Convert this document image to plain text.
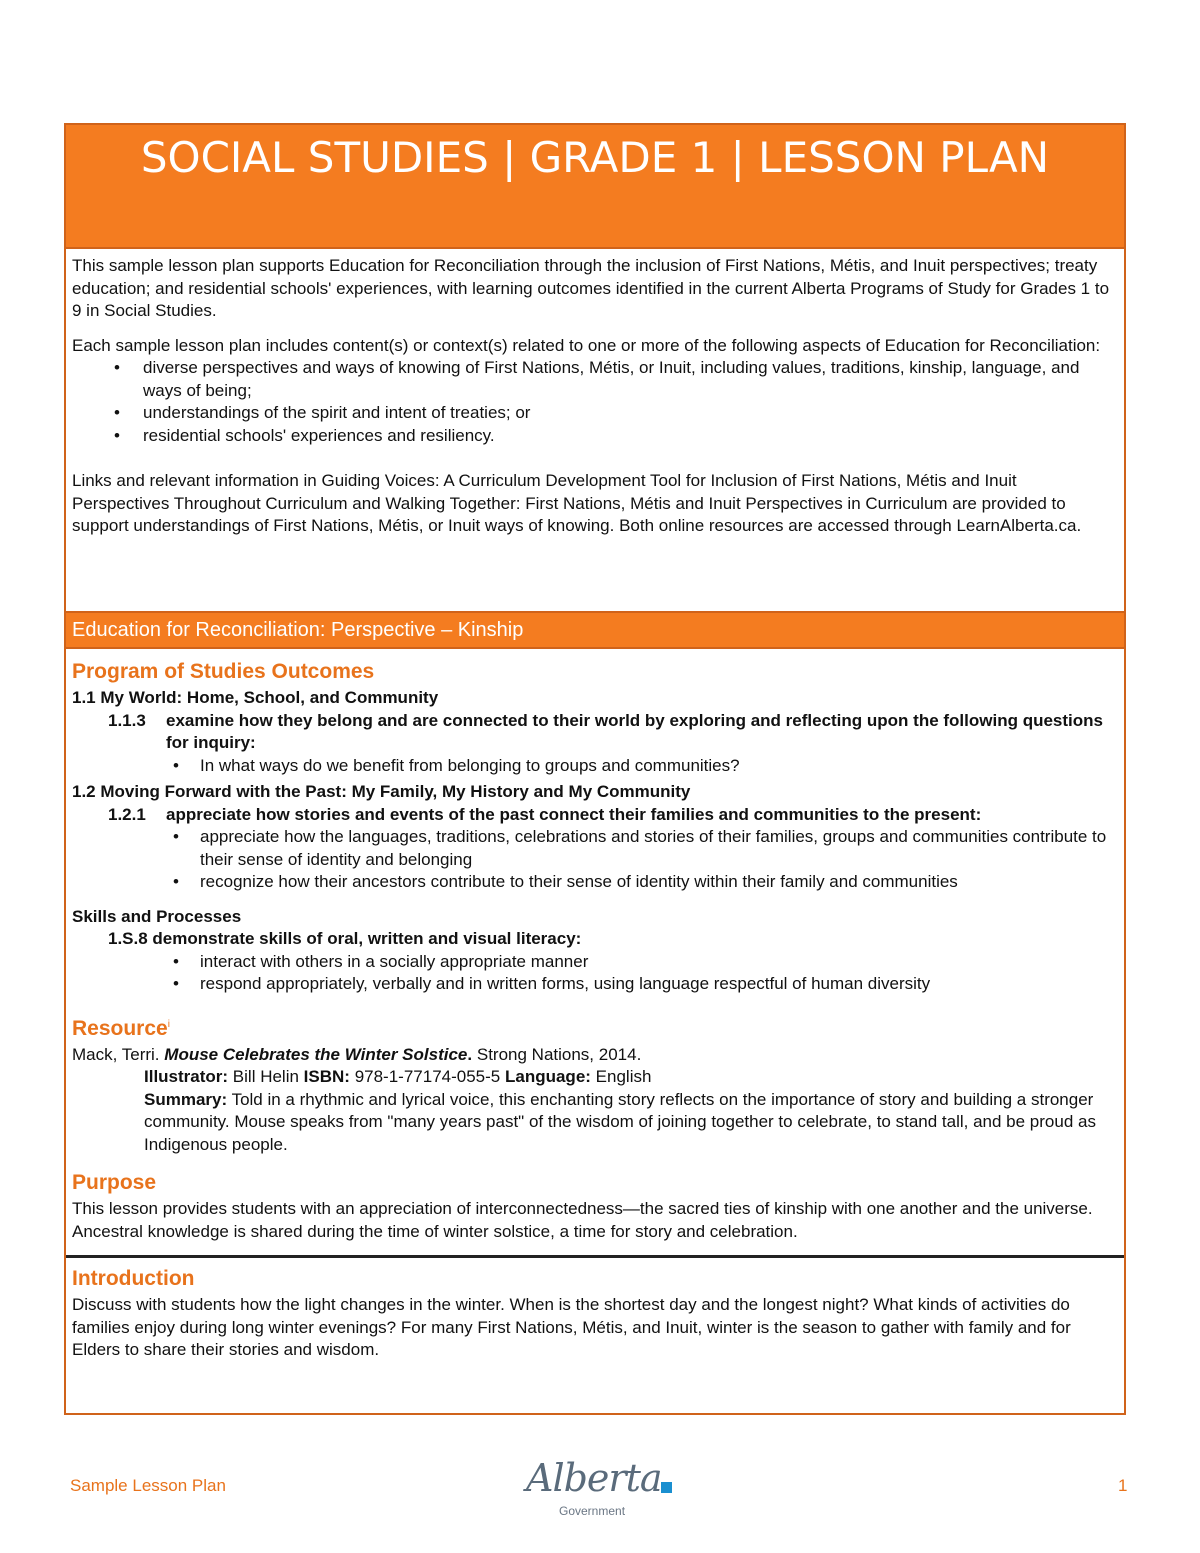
SOCIAL STUDIES | GRADE 1 | LESSON PLAN

This sample lesson plan supports Education for Reconciliation through the inclusion of First Nations, Métis, and Inuit perspectives; treaty education; and residential schools' experiences, with learning outcomes identified in the current Alberta Programs of Study for Grades 1 to 9 in Social Studies.

Each sample lesson plan includes content(s) or context(s) related to one or more of the following aspects of Education for Reconciliation:

• diverse perspectives and ways of knowing of First Nations, Métis, or Inuit, including values, traditions, kinship, language, and ways of being;
• understandings of the spirit and intent of treaties; or
• residential schools' experiences and resiliency.

Links and relevant information in Guiding Voices: A Curriculum Development Tool for Inclusion of First Nations, Métis and Inuit Perspectives Throughout Curriculum and Walking Together: First Nations, Métis and Inuit Perspectives in Curriculum are provided to support understandings of First Nations, Métis, or Inuit ways of knowing. Both online resources are accessed through LearnAlberta.ca.

Education for Reconciliation: Perspective – Kinship
Program of Studies Outcomes
1.1 My World: Home, School, and Community
1.1.3	examine how they belong and are connected to their world by exploring and reflecting upon the following questions for inquiry:
• In what ways do we benefit from belonging to groups and communities?
1.2 Moving Forward with the Past: My Family, My History and My Community
1.2.1	appreciate how stories and events of the past connect their families and communities to the present:
• appreciate how the languages, traditions, celebrations and stories of their families, groups and communities contribute to their sense of identity and belonging
• recognize how their ancestors contribute to their sense of identity within their family and communities
Skills and Processes
1.S.8 demonstrate skills of oral, written and visual literacy:
• interact with others in a socially appropriate manner
• respond appropriately, verbally and in written forms, using language respectful of human diversity
Resource$^i$
Mack, Terri. Mouse Celebrates the Winter Solstice. Strong Nations, 2014.
Illustrator: Bill Helin ISBN: 978-1-77174-055-5 Language: English
Summary: Told in a rhythmic and lyrical voice, this enchanting story reflects on the importance of story and building a stronger community. Mouse speaks from "many years past" of the wisdom of joining together to celebrate, to stand tall, and be proud as Indigenous people.
Purpose
This lesson provides students with an appreciation of interconnectedness—the sacred ties of kinship with one another and the universe. Ancestral knowledge is shared during the time of winter solstice, a time for story and celebration.
Introduction
Discuss with students how the light changes in the winter. When is the shortest day and the longest night? What kinds of activities do families enjoy during long winter evenings? For many First Nations, Métis, and Inuit, winter is the season to gather with family and for Elders to share their stories and wisdom.
Sample Lesson Plan	Alberta
Government
1
